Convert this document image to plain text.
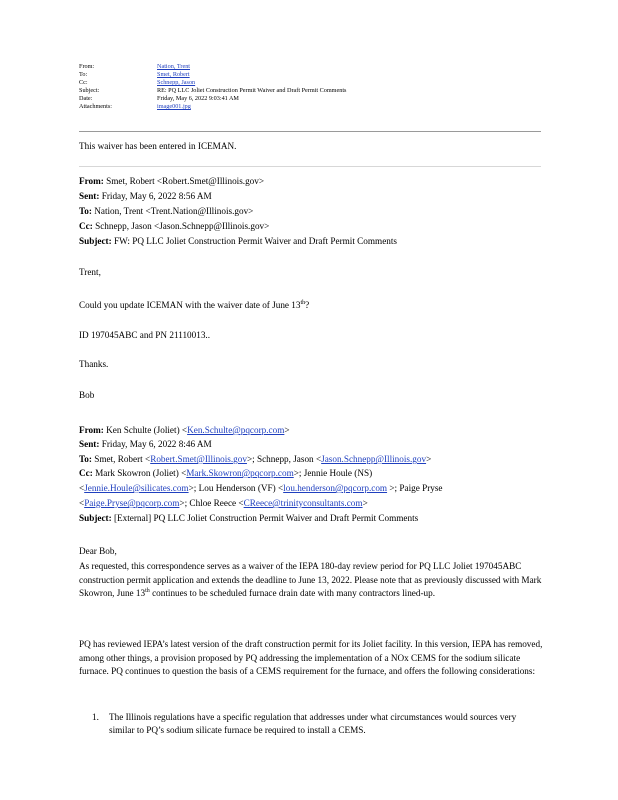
From:	Nation, Trent
To:	Smet, Robert
Cc:	Schnepp, Jason
Subject:	RE: PQ LLC Joliet Construction Permit Waiver and Draft Permit Comments
Date:	Friday, May 6, 2022 9:03:41 AM
Attachments:	image001.jpg
This waiver has been entered in ICEMAN.
From: Smet, Robert <Robert.Smet@Illinois.gov>
Sent: Friday, May 6, 2022 8:56 AM
To: Nation, Trent <Trent.Nation@Illinois.gov>
Cc: Schnepp, Jason <Jason.Schnepp@Illinois.gov>
Subject: FW: PQ LLC Joliet Construction Permit Waiver and Draft Permit Comments
Trent,
Could you update ICEMAN with the waiver date of June 13th?
ID 197045ABC and PN 21110013..
Thanks.
Bob
From: Ken Schulte (Joliet) <Ken.Schulte@pqcorp.com>
Sent: Friday, May 6, 2022 8:46 AM
To: Smet, Robert <Robert.Smet@Illinois.gov>; Schnepp, Jason <Jason.Schnepp@Illinois.gov>
Cc: Mark Skowron (Joliet) <Mark.Skowron@pqcorp.com>; Jennie Houle (NS)
<Jennie.Houle@silicates.com>; Lou Henderson (VF) <lou.henderson@pqcorp.com >; Paige Pryse
<Paige.Pryse@pqcorp.com>; Chloe Reece <CReece@trinityconsultants.com>
Subject: [External] PQ LLC Joliet Construction Permit Waiver and Draft Permit Comments
Dear Bob,
As requested, this correspondence serves as a waiver of the IEPA 180-day review period for PQ LLC Joliet 197045ABC construction permit application and extends the deadline to June 13, 2022. Please note that as previously discussed with Mark Skowron, June 13th continues to be scheduled furnace drain date with many contractors lined-up.
PQ has reviewed IEPA’s latest version of the draft construction permit for its Joliet facility. In this version, IEPA has removed, among other things, a provision proposed by PQ addressing the implementation of a NOx CEMS for the sodium silicate furnace. PQ continues to question the basis of a CEMS requirement for the furnace, and offers the following considerations:
1.	The Illinois regulations have a specific regulation that addresses under what circumstances would sources very similar to PQ’s sodium silicate furnace be required to install a CEMS.
